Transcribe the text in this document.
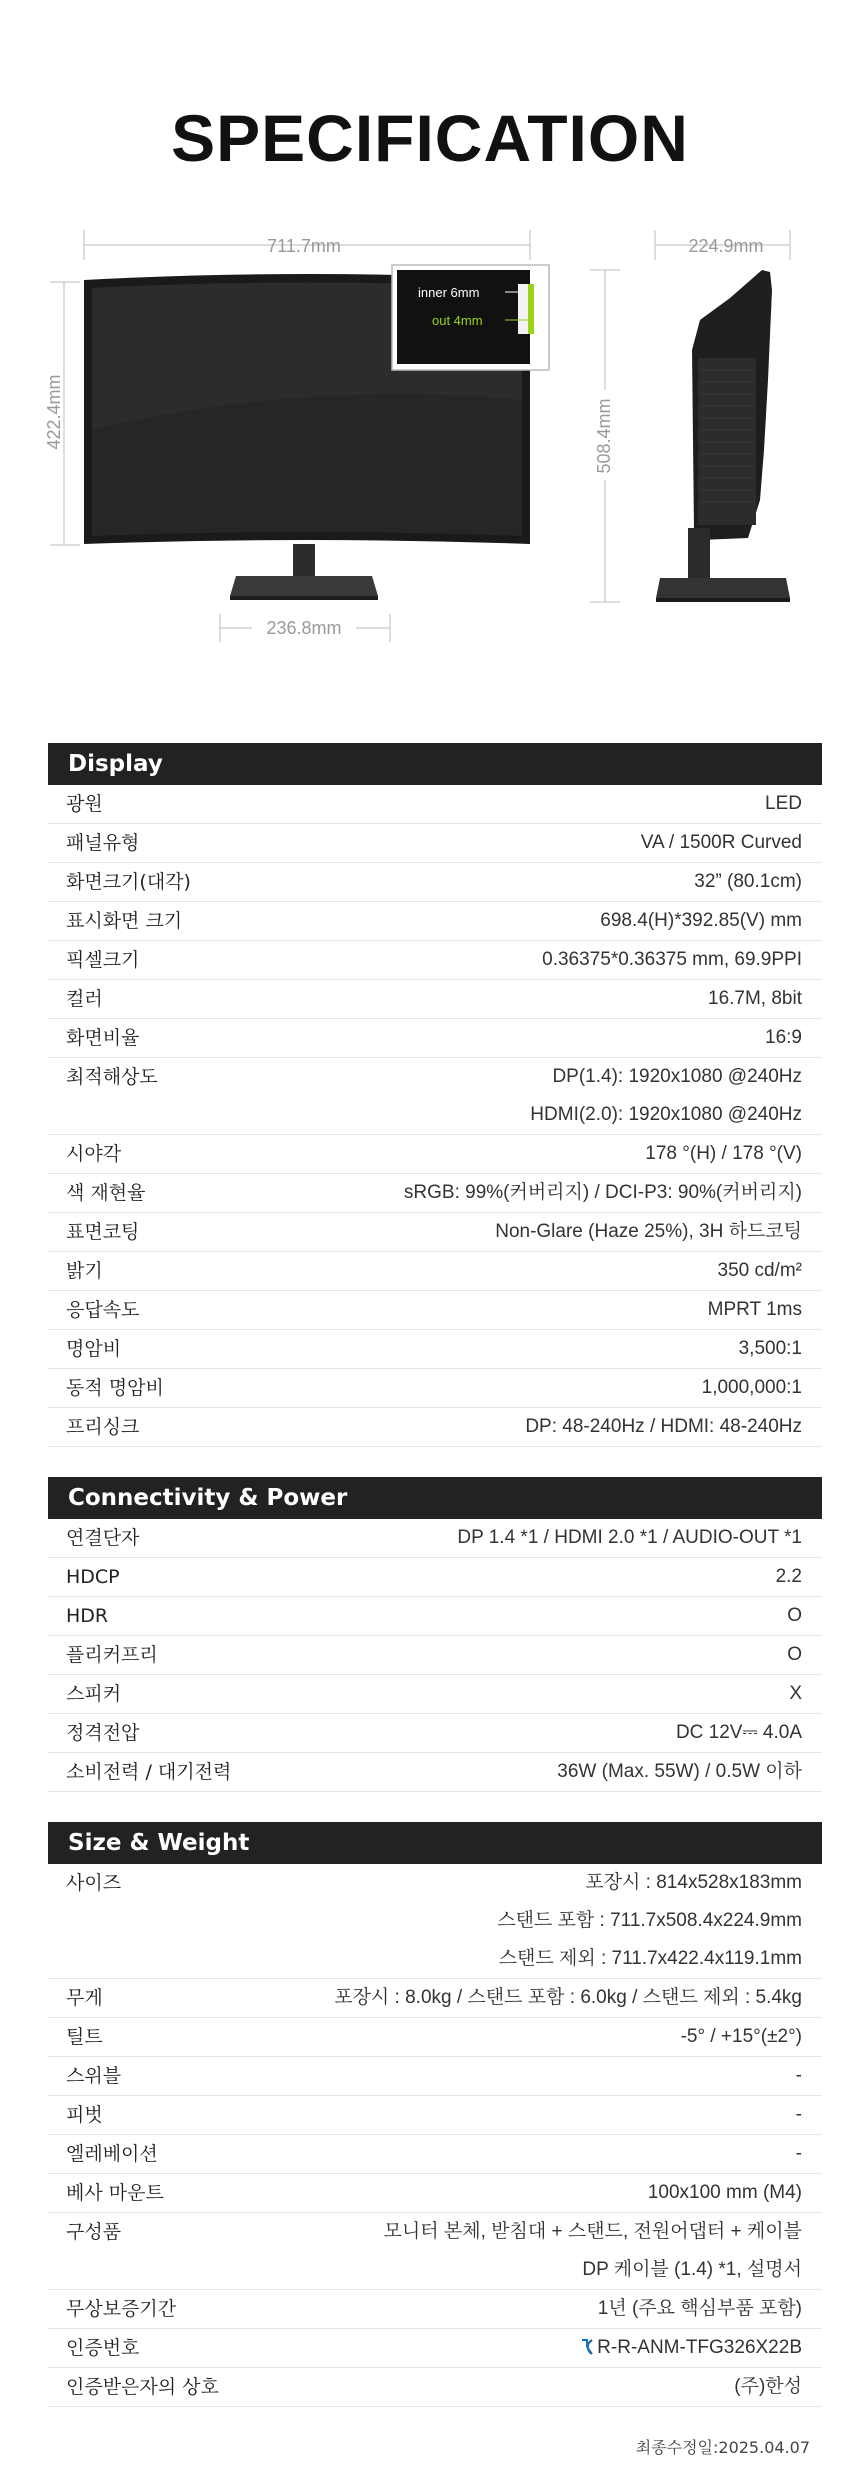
SPECIFICATION
711.7mm
422.4mm
236.8mm
inner 6mm
out 4mm
508.4mm
224.9mm
Display
광원	LED
패널유형	VA / 1500R Curved
화면크기(대각)	32” (80.1cm)
표시화면 크기	698.4(H)*392.85(V) mm
픽셀크기	0.36375*0.36375 mm, 69.9PPI
컬러	16.7M, 8bit
화면비율	16:9
최적해상도	DP(1.4): 1920x1080 @240Hz
HDMI(2.0): 1920x1080 @240Hz
시야각	178 °(H) / 178 °(V)
색 재현율	sRGB: 99%(커버리지) / DCI-P3: 90%(커버리지)
표면코팅	Non-Glare (Haze 25%), 3H 하드코팅
밝기	350 cd/m²
응답속도	MPRT 1ms
명암비	3,500:1
동적 명암비	1,000,000:1
프리싱크	DP: 48-240Hz / HDMI: 48-240Hz
Connectivity & Power
연결단자	DP 1.4 *1 / HDMI 2.0 *1 / AUDIO-OUT *1
HDCP	2.2
HDR	O
플리커프리	O
스피커	X
정격전압	DC 12V⎓ 4.0A
소비전력 / 대기전력	36W (Max. 55W) / 0.5W 이하
Size & Weight
사이즈	포장시 : 814x528x183mm
스탠드 포함 : 711.7x508.4x224.9mm
스탠드 제외 : 711.7x422.4x119.1mm
무게	포장시 : 8.0kg / 스탠드 포함 : 6.0kg / 스탠드 제외 : 5.4kg
틸트	-5° / +15°(±2°)
스위블	-
피벗	-
엘레베이션	-
베사 마운트	100x100 mm (M4)
구성품	모니터 본체, 받침대 + 스탠드, 전원어댑터 + 케이블
DP 케이블 (1.4) *1, 설명서
무상보증기간	1년 (주요 핵심부품 포함)
인증번호	R-R-ANM-TFG326X22B
인증받은자의 상호	(주)한성
최종수정일:2025.04.07
